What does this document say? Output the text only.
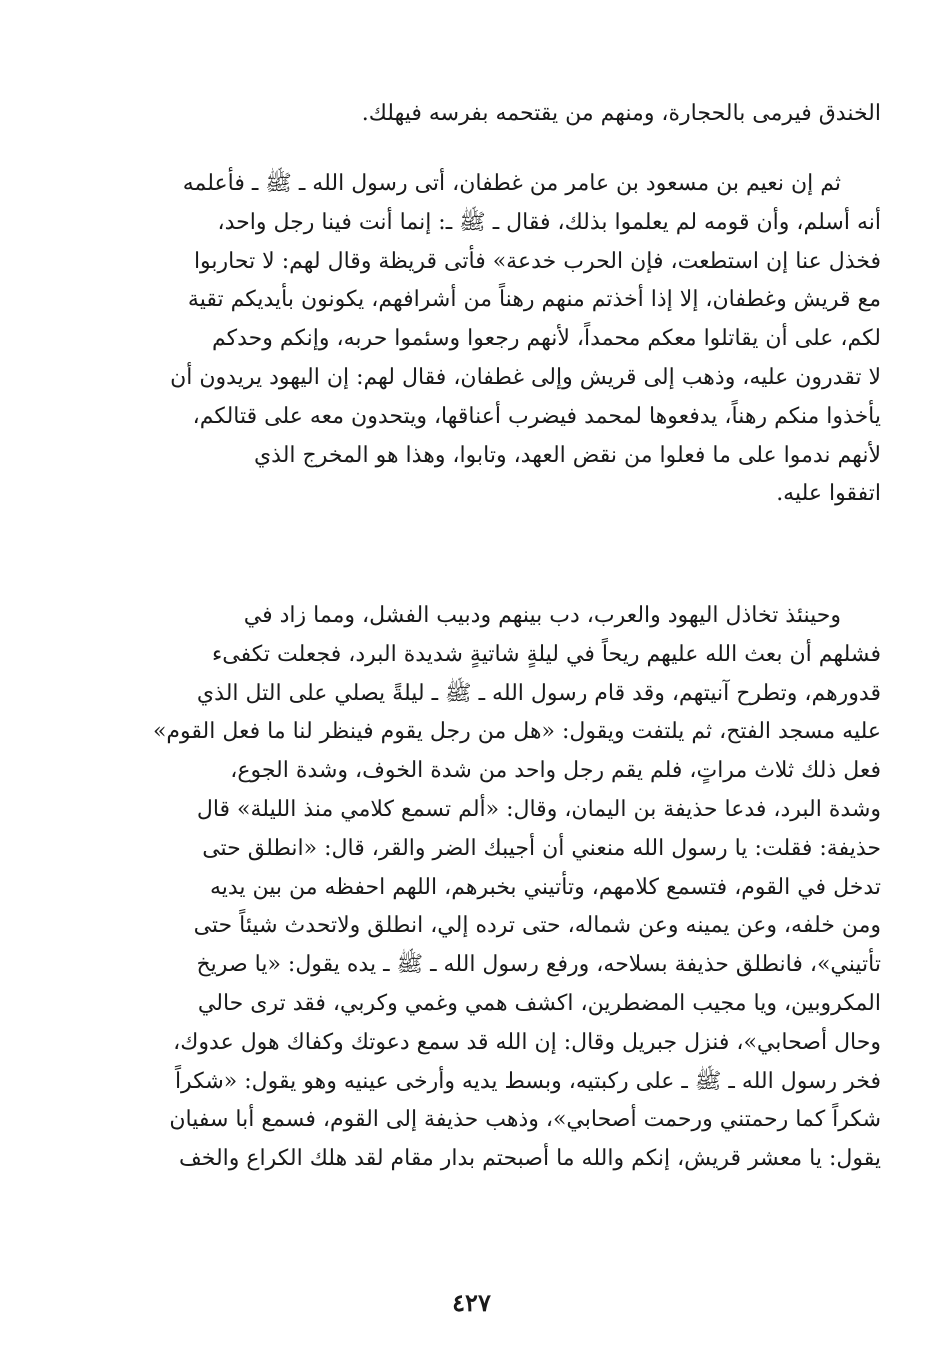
الخندق فيرمى بالحجارة، ومنهم من يقتحمه بفرسه فيهلك.
ثم إن نعيم بن مسعود بن عامر من غطفان، أتى رسول الله ـ ﷺ ـ فأعلمه
أنه أسلم، وأن قومه لم يعلموا بذلك، فقال ـ ﷺ ـ: إنما أنت فينا رجل واحد،
فخذل عنا إن استطعت، فإن الحرب خدعة» فأتى قريظة وقال لهم: لا تحاربوا
مع قريش وغطفان، إلا إذا أخذتم منهم رهناً من أشرافهم، يكونون بأيديكم تقية
لكم، على أن يقاتلوا معكم محمداً، لأنهم رجعوا وسئموا حربه، وإنكم وحدكم
لا تقدرون عليه، وذهب إلى قريش وإلى غطفان، فقال لهم: إن اليهود يريدون أن
يأخذوا منكم رهناً، يدفعوها لمحمد فيضرب أعناقها، ويتحدون معه على قتالكم،
لأنهم ندموا على ما فعلوا من نقض العهد، وتابوا، وهذا هو المخرج الذي
اتفقوا عليه.
وحينئذ تخاذل اليهود والعرب، دب بينهم ودبيب الفشل، ومما زاد في
فشلهم أن بعث الله عليهم ريحاً في ليلةٍ شاتيةٍ شديدة البرد، فجعلت تكفىء
قدورهم، وتطرح آنيتهم، وقد قام رسول الله ـ ﷺ ـ ليلةً يصلي على التل الذي
عليه مسجد الفتح، ثم يلتفت ويقول: «هل من رجل يقوم فينظر لنا ما فعل القوم»
فعل ذلك ثلاث مراتٍ، فلم يقم رجل واحد من شدة الخوف، وشدة الجوع،
وشدة البرد، فدعا حذيفة بن اليمان، وقال: «ألم تسمع كلامي منذ الليلة» قال
حذيفة: فقلت: يا رسول الله منعني أن أجيبك الضر والقر، قال: «انطلق حتى
تدخل في القوم، فتسمع كلامهم، وتأتيني بخبرهم، اللهم احفظه من بين يديه
ومن خلفه، وعن يمينه وعن شماله، حتى ترده إلي، انطلق ولاتحدث شيئاً حتى
تأتيني»، فانطلق حذيفة بسلاحه، ورفع رسول الله ـ ﷺ ـ يده يقول: «يا صريخ
المكروبين، ويا مجيب المضطرين، اكشف همي وغمي وكربي، فقد ترى حالي
وحال أصحابي»، فنزل جبريل وقال: إن الله قد سمع دعوتك وكفاك هول عدوك،
فخر رسول الله ـ ﷺ ـ على ركبتيه، وبسط يديه وأرخى عينيه وهو يقول: «شكراً
شكراً كما رحمتني ورحمت أصحابي»، وذهب حذيفة إلى القوم، فسمع أبا سفيان
يقول: يا معشر قريش، إنكم والله ما أصبحتم بدار مقام لقد هلك الكراع والخف
٤٢٧
